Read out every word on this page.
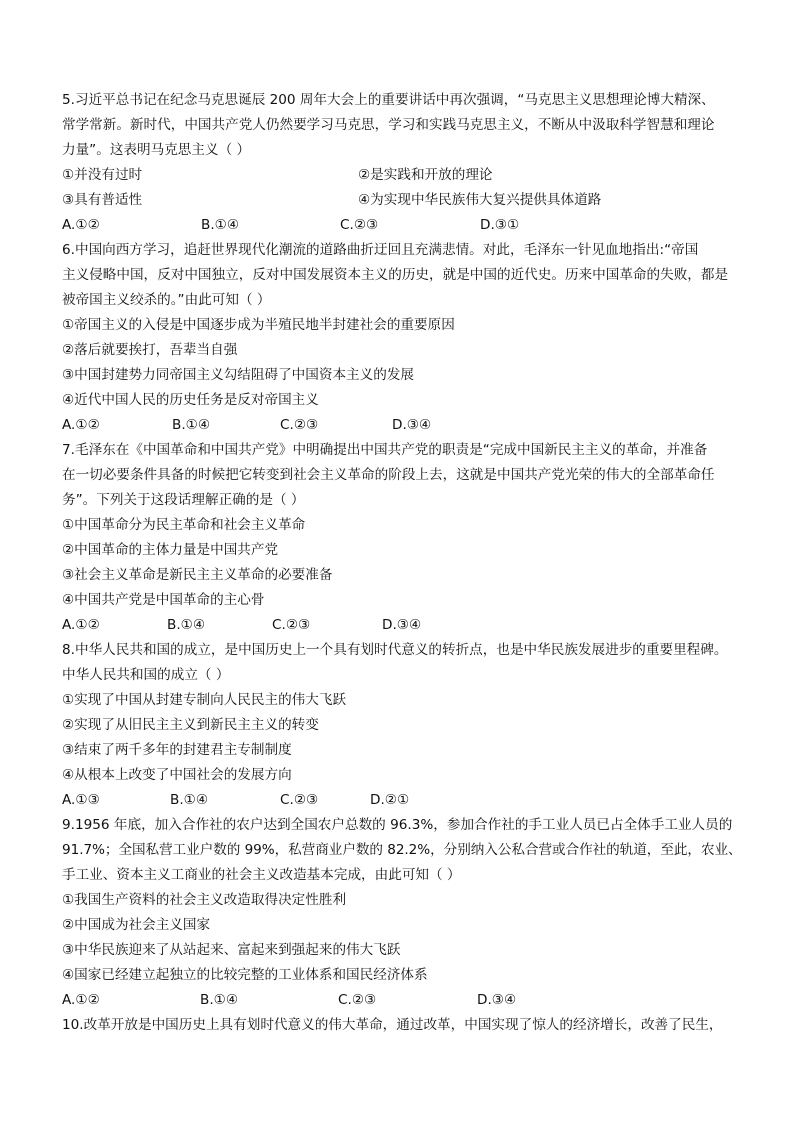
5.习近平总书记在纪念马克思诞辰 200 周年大会上的重要讲话中再次强调，“马克思主义思想理论博大精深、
常学常新。新时代，中国共产党人仍然要学习马克思，学习和实践马克思主义，不断从中汲取科学智慧和理论
力量”。这表明马克思主义（ ）
①并没有过时	②是实践和开放的理论
③具有普适性	④为实现中华民族伟大复兴提供具体道路
A.①②	B.①④	C.②③	D.③①
6.中国向西方学习，追赶世界现代化潮流的道路曲折迂回且充满悲情。对此，毛泽东一针见血地指出:“帝国
主义侵略中国，反对中国独立，反对中国发展资本主义的历史，就是中国的近代史。历来中国革命的失败，都是
被帝国主义绞杀的。”由此可知（ ）
①帝国主义的入侵是中国逐步成为半殖民地半封建社会的重要原因
②落后就要挨打，吾辈当自强
③中国封建势力同帝国主义勾结阻碍了中国资本主义的发展
④近代中国人民的历史任务是反对帝国主义
A.①②	B.①④	C.②③	D.③④
7.毛泽东在《中国革命和中国共产党》中明确提出中国共产党的职责是“完成中国新民主主义的革命，并准备
在一切必要条件具备的时候把它转变到社会主义革命的阶段上去，这就是中国共产党光荣的伟大的全部革命任
务”。下列关于这段话理解正确的是（ ）
①中国革命分为民主革命和社会主义革命
②中国革命的主体力量是中国共产党
③社会主义革命是新民主主义革命的必要准备
④中国共产党是中国革命的主心骨
A.①②	B.①④	C.②③	D.③④
8.中华人民共和国的成立，是中国历史上一个具有划时代意义的转折点，也是中华民族发展进步的重要里程碑。
中华人民共和国的成立（ ）
①实现了中国从封建专制向人民民主的伟大飞跃
②实现了从旧民主主义到新民主主义的转变
③结束了两千多年的封建君主专制制度
④从根本上改变了中国社会的发展方向
A.①③	B.①④	C.②③	D.②①
9.1956 年底，加入合作社的农户达到全国农户总数的 96.3%，参加合作社的手工业人员已占全体手工业人员的
91.7%；全国私营工业户数的 99%，私营商业户数的 82.2%，分别纳入公私合营或合作社的轨道，至此，农业、
手工业、资本主义工商业的社会主义改造基本完成，由此可知（ ）
①我国生产资料的社会主义改造取得决定性胜利
②中国成为社会主义国家
③中华民族迎来了从站起来、富起来到强起来的伟大飞跃
④国家已经建立起独立的比较完整的工业体系和国民经济体系
A.①②	B.①④	C.②③	D.③④
10.改革开放是中国历史上具有划时代意义的伟大革命，通过改革，中国实现了惊人的经济增长，改善了民生，
